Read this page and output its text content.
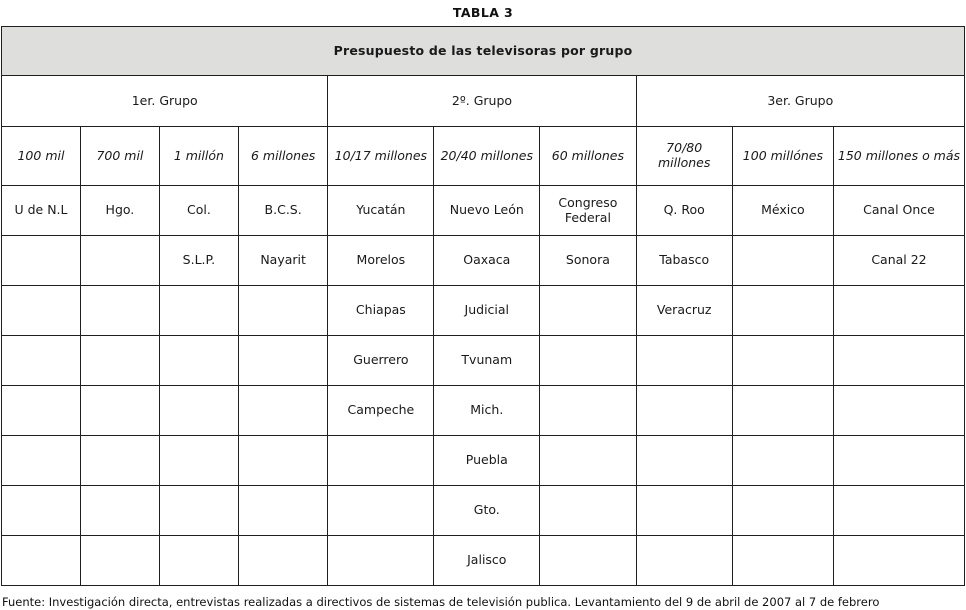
TABLA 3
Presupuesto de las televisoras por grupo									
1er. Grupo				2º. Grupo			3er. Grupo		
100 mil	700 mil	1 millón	6 millones	10/17 millones	20/40 millones	60 millones	70/80 millones	100 millónes	150 millones o más
U de N.L	Hgo.	Col.	B.C.S.	Yucatán	Nuevo León	Congreso Federal	Q. Roo	México	Canal Once
		S.L.P.	Nayarit	Morelos	Oaxaca	Sonora	Tabasco		Canal 22
				Chiapas	Judicial		Veracruz		
				Guerrero	Tvunam				
				Campeche	Mich.				
					Puebla				
					Gto.				
					Jalisco				
Fuente: Investigación directa, entrevistas realizadas a directivos de sistemas de televisión publica. Levantamiento del 9 de abril de 2007 al 7 de febrero
